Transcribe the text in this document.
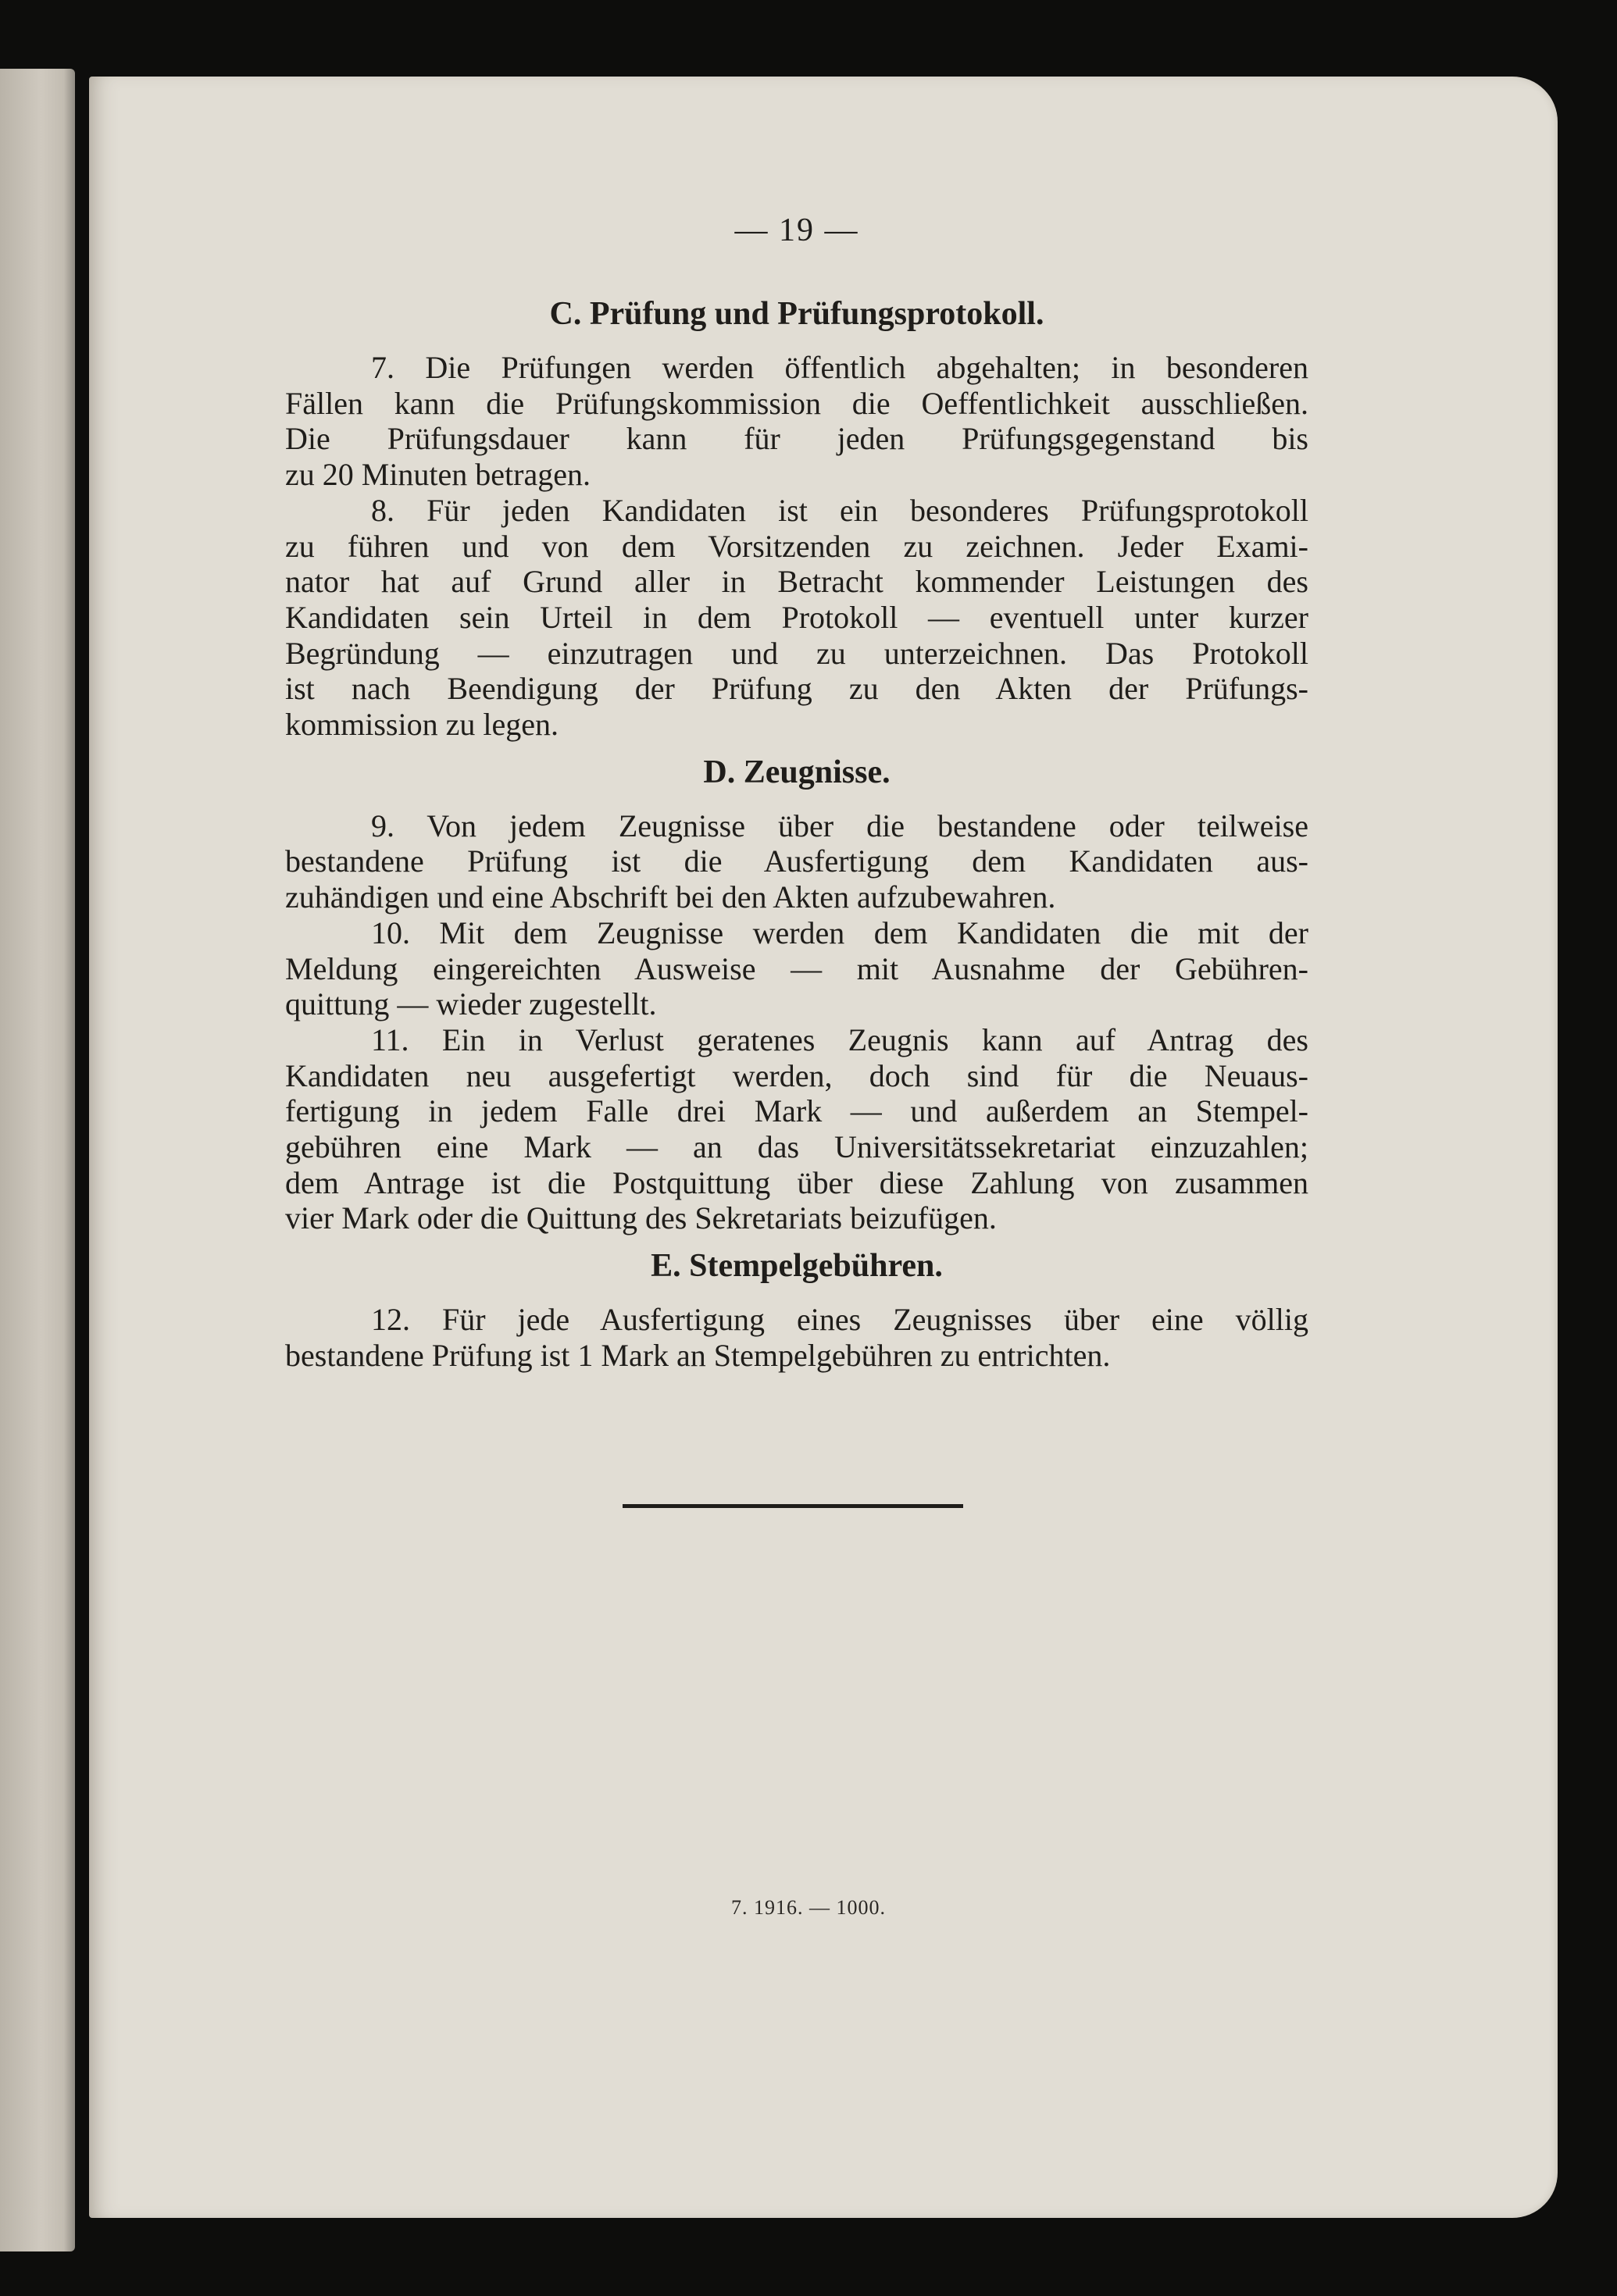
— 19 —
C. Prüfung und Prüfungsprotokoll.

7. Die Prüfungen werden öffentlich abgehalten; in besonderen
Fällen kann die Prüfungskommission die Oeffentlichkeit ausschließen.
Die Prüfungsdauer kann für jeden Prüfungsgegenstand bis
zu 20 Minuten betragen.

8. Für jeden Kandidaten ist ein besonderes Prüfungsprotokoll
zu führen und von dem Vorsitzenden zu zeichnen. Jeder Exami-
nator hat auf Grund aller in Betracht kommender Leistungen des
Kandidaten sein Urteil in dem Protokoll — eventuell unter kurzer
Begründung — einzutragen und zu unterzeichnen. Das Protokoll
ist nach Beendigung der Prüfung zu den Akten der Prüfungs-
kommission zu legen.

D. Zeugnisse.

9. Von jedem Zeugnisse über die bestandene oder teilweise
bestandene Prüfung ist die Ausfertigung dem Kandidaten aus-
zuhändigen und eine Abschrift bei den Akten aufzubewahren.

10. Mit dem Zeugnisse werden dem Kandidaten die mit der
Meldung eingereichten Ausweise — mit Ausnahme der Gebühren-
quittung — wieder zugestellt.

11. Ein in Verlust geratenes Zeugnis kann auf Antrag des
Kandidaten neu ausgefertigt werden, doch sind für die Neuaus-
fertigung in jedem Falle drei Mark — und außerdem an Stempel-
gebühren eine Mark — an das Universitätssekretariat einzuzahlen;
dem Antrage ist die Postquittung über diese Zahlung von zusammen
vier Mark oder die Quittung des Sekretariats beizufügen.

E. Stempelgebühren.

12. Für jede Ausfertigung eines Zeugnisses über eine völlig
bestandene Prüfung ist 1 Mark an Stempelgebühren zu entrichten.

7. 1916. — 1000.
